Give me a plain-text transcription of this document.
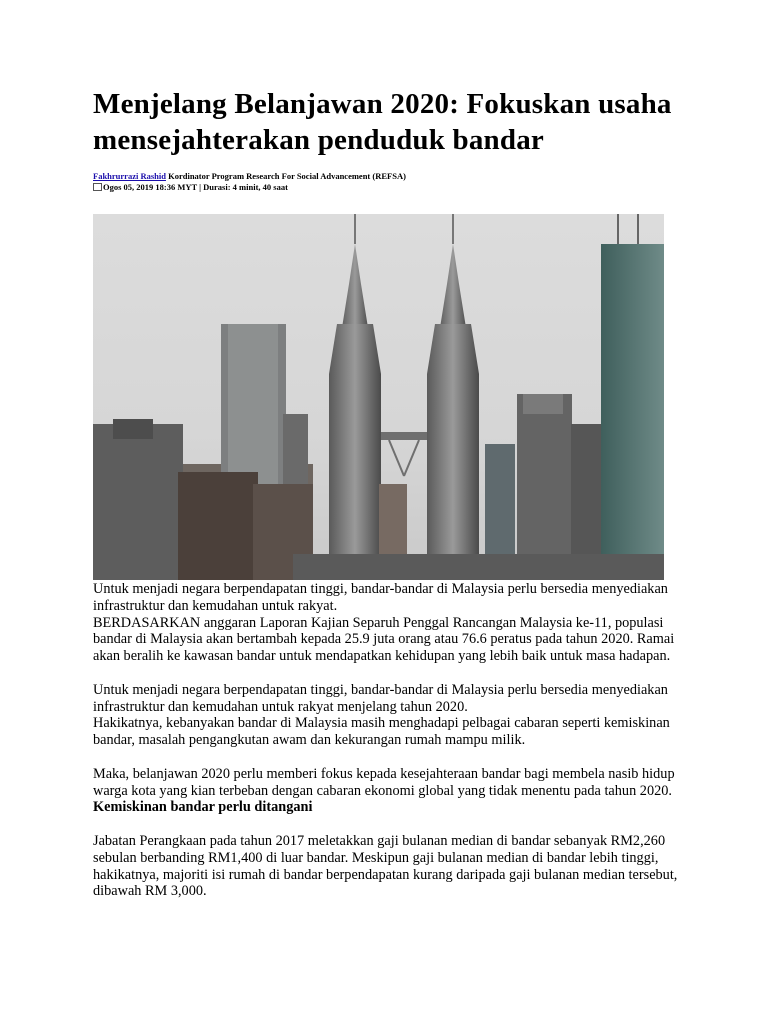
Menjelang Belanjawan 2020: Fokuskan usaha mensejahterakan penduduk bandar
Fakhrurrazi Rashid Kordinator Program Research For Social Advancement (REFSA)
Ogos 05, 2019 18:36 MYT | Durasi: 4 minit, 40 saat

Untuk menjadi negara berpendapatan tinggi, bandar-bandar di Malaysia perlu bersedia menyediakan infrastruktur dan kemudahan untuk rakyat.

BERDASARKAN anggaran Laporan Kajian Separuh Penggal Rancangan Malaysia ke-11, populasi bandar di Malaysia akan bertambah kepada 25.9 juta orang atau 76.6 peratus pada tahun 2020. Ramai akan beralih ke kawasan bandar untuk mendapatkan kehidupan yang lebih baik untuk masa hadapan.

Untuk menjadi negara berpendapatan tinggi, bandar-bandar di Malaysia perlu bersedia menyediakan infrastruktur dan kemudahan untuk rakyat menjelang tahun 2020.

Hakikatnya, kebanyakan bandar di Malaysia masih menghadapi pelbagai cabaran seperti kemiskinan bandar, masalah pengangkutan awam dan kekurangan rumah mampu milik.

Maka, belanjawan 2020 perlu memberi fokus kepada kesejahteraan bandar bagi membela nasib hidup warga kota yang kian terbeban dengan cabaran ekonomi global yang tidak menentu pada tahun 2020.

Kemiskinan bandar perlu ditangani

Jabatan Perangkaan pada tahun 2017 meletakkan gaji bulanan median di bandar sebanyak RM2,260 sebulan berbanding RM1,400 di luar bandar. Meskipun gaji bulanan median di bandar lebih tinggi, hakikatnya, majoriti isi rumah di bandar berpendapatan kurang daripada gaji bulanan median tersebut, dibawah RM 3,000.
